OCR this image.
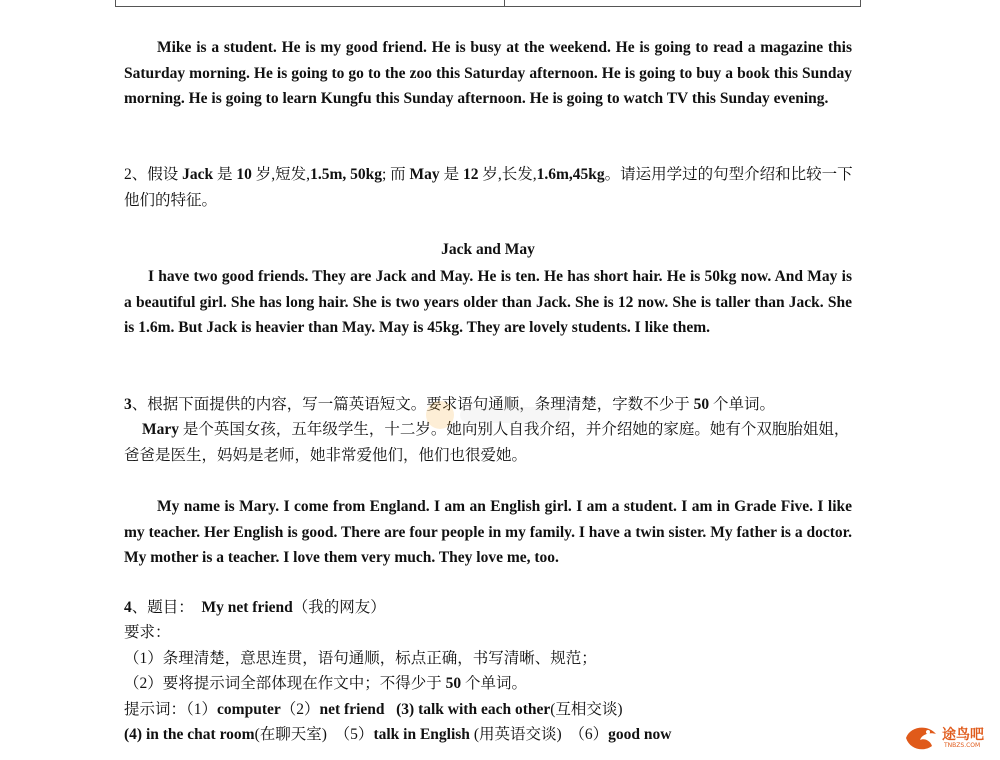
Mike is a student. He is my good friend. He is busy at the weekend. He is going to read a magazine this Saturday morning. He is going to go to the zoo this Saturday afternoon. He is going to buy a book this Sunday morning. He is going to learn Kungfu this Sunday afternoon. He is going to watch TV this Sunday evening.

2、假设 Jack 是 10 岁,短发,1.5m, 50kg; 而 May 是 12 岁,长发,1.6m,45kg。请运用学过的句型介绍和比较一下他们的特征。

Jack and May

I have two good friends. They are Jack and May. He is ten. He has short hair. He is 50kg now. And May is a beautiful girl. She has long hair. She is two years older than Jack. She is 12 now. She is taller than Jack. She is 1.6m. But Jack is heavier than May. May is 45kg. They are lovely students. I like them.

3、根据下面提供的内容，写一篇英语短文。要求语句通顺，条理清楚，字数不少于 50 个单词。

Mary 是个英国女孩，五年级学生，十二岁。她向别人自我介绍，并介绍她的家庭。她有个双胞胎姐姐，爸爸是医生，妈妈是老师，她非常爱他们，他们也很爱她。

My name is Mary. I come from England. I am an English girl. I am a student. I am in Grade Five. I like my teacher. Her English is good. There are four people in my family. I have a twin sister. My father is a doctor. My mother is a teacher. I love them very much. They love me, too.

4、题目： My net friend（我的网友）

要求：

（1）条理清楚，意思连贯，语句通顺，标点正确，书写清晰、规范；

（2）要将提示词全部体现在作文中；不得少于 50 个单词。

提示词：（1）computer（2）net friend (3) talk with each other(互相交谈)

(4) in the chat room(在聊天室) （5）talk in English (用英语交谈) （6）good now	途鸟吧
TNBZS.COM
